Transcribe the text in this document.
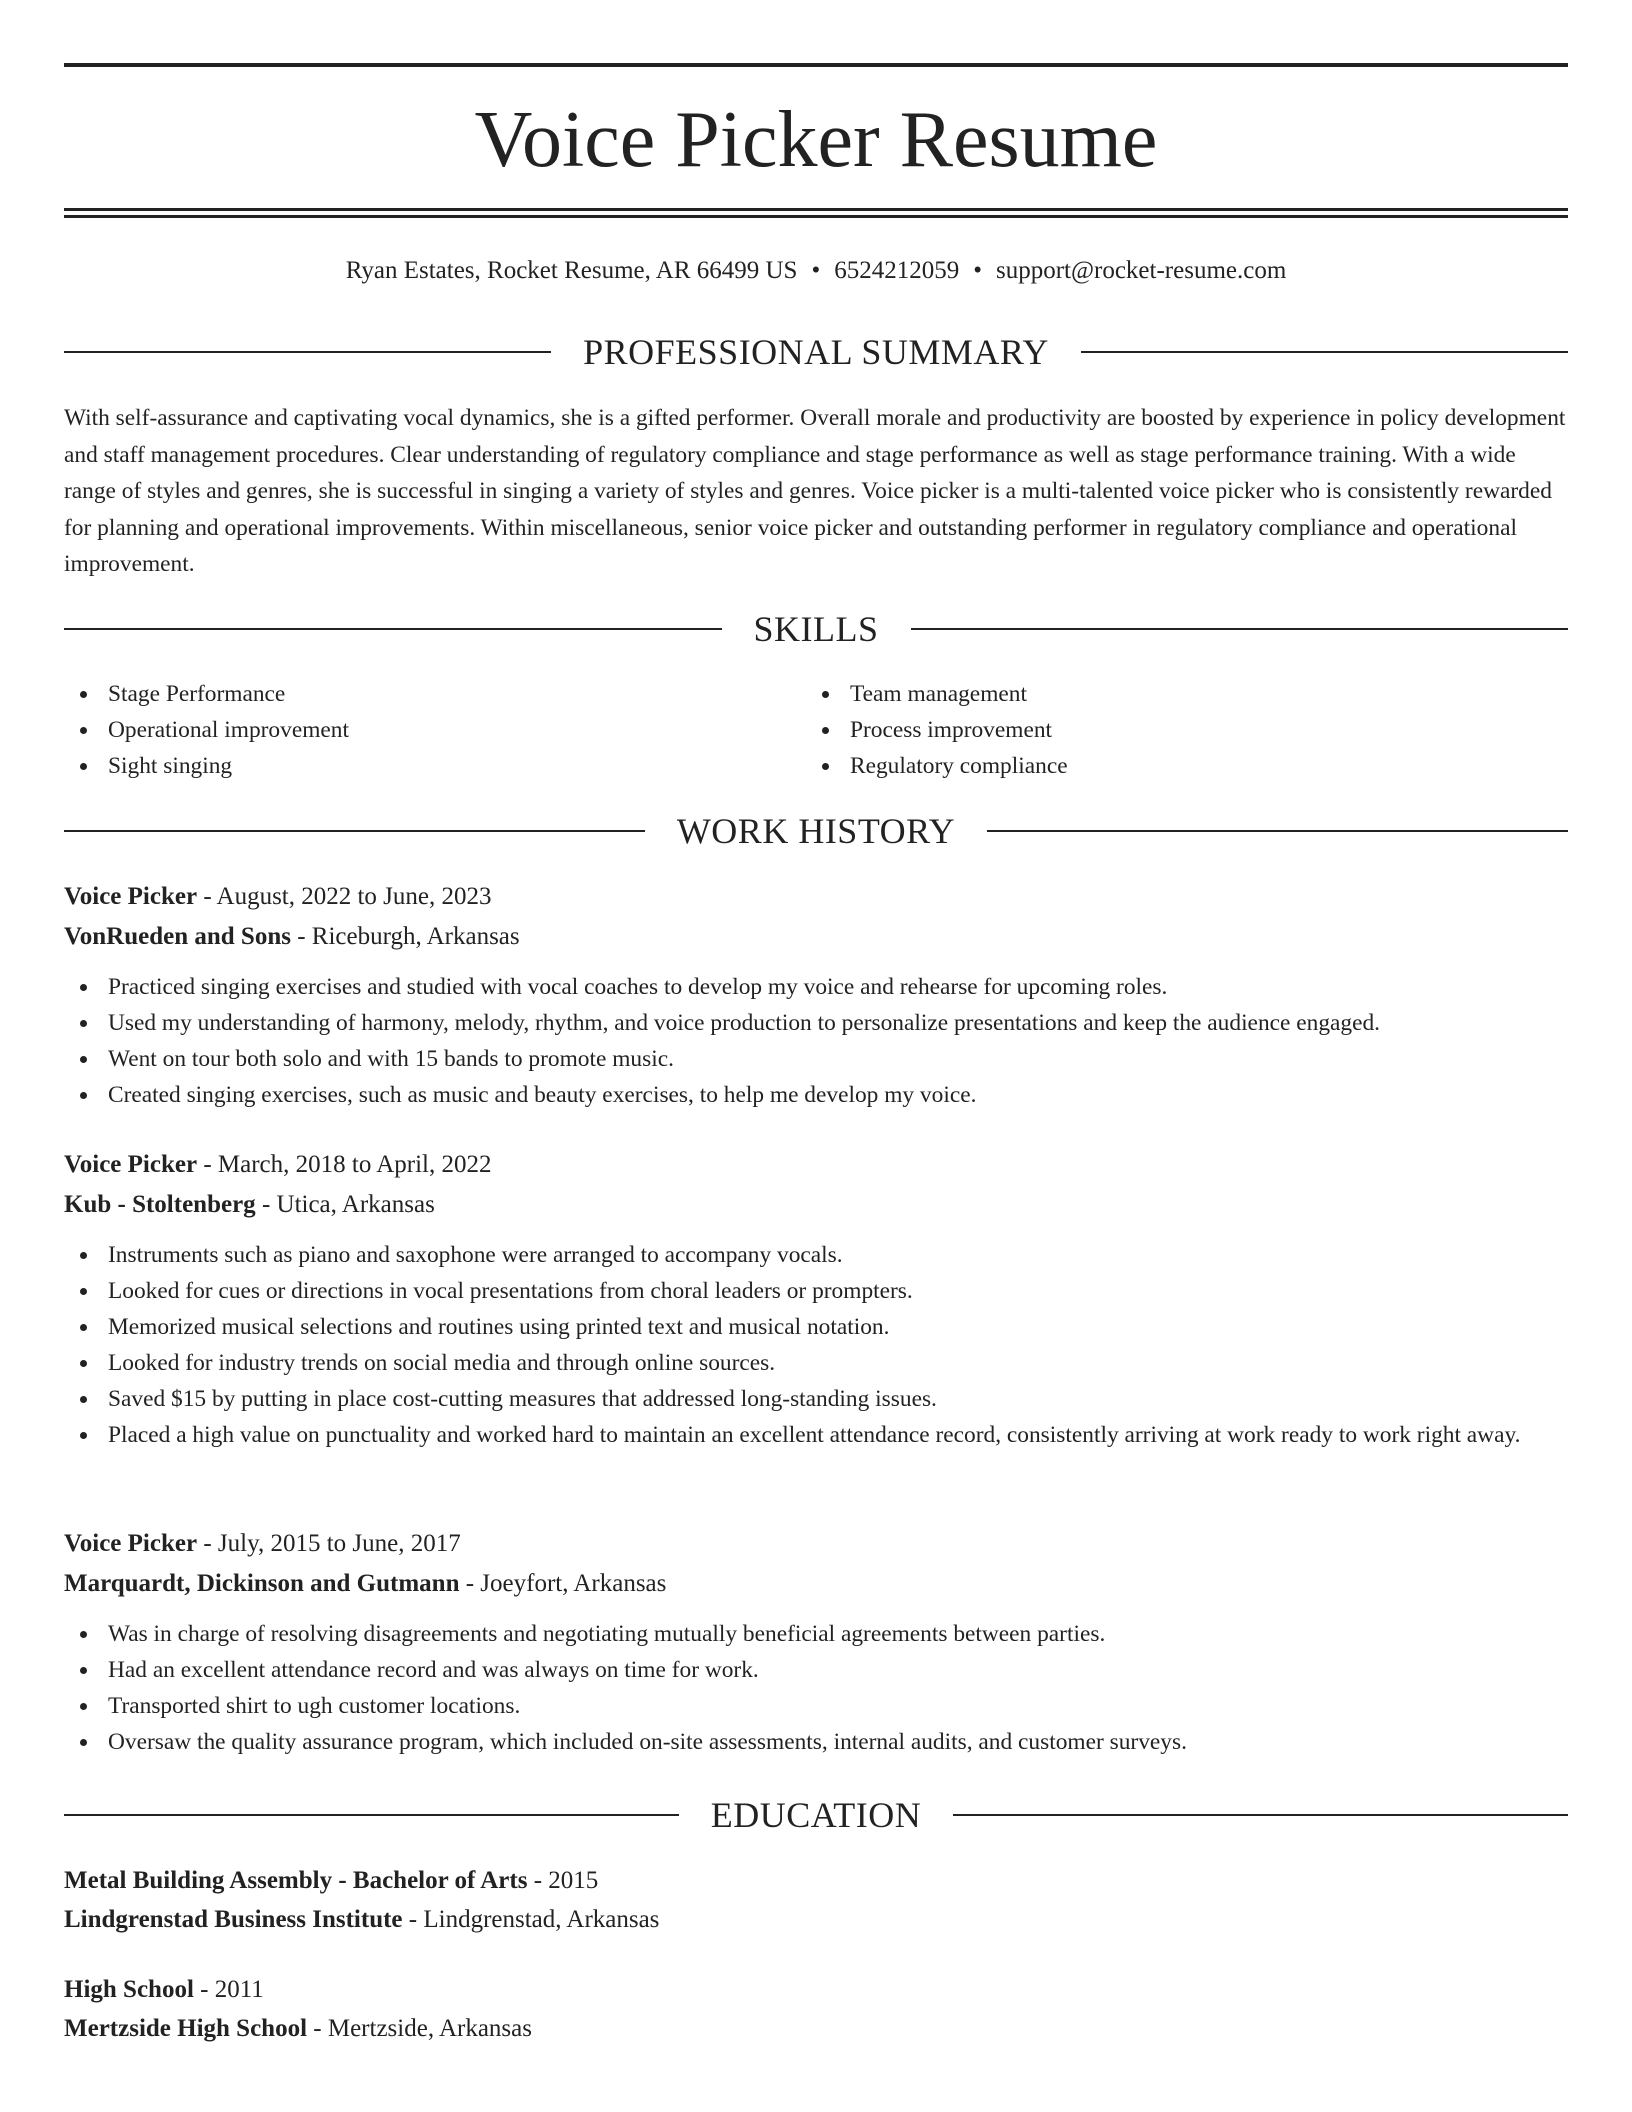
Voice Picker Resume
Ryan Estates, Rocket Resume, AR 66499 US • 6524212059 • support@rocket-resume.com
PROFESSIONAL SUMMARY

With self-assurance and captivating vocal dynamics, she is a gifted performer. Overall morale and productivity are boosted by experience in policy development and staff management procedures. Clear understanding of regulatory compliance and stage performance as well as stage performance training. With a wide range of styles and genres, she is successful in singing a variety of styles and genres. Voice picker is a multi-talented voice picker who is consistently rewarded for planning and operational improvements. Within miscellaneous, senior voice picker and outstanding performer in regulatory compliance and operational improvement.

SKILLS
Stage Performance
Operational improvement
Sight singing
Team management
Process improvement
Regulatory compliance
WORK HISTORY
Voice Picker - August, 2022 to June, 2023
VonRueden and Sons - Riceburgh, Arkansas
Practiced singing exercises and studied with vocal coaches to develop my voice and rehearse for upcoming roles.
Used my understanding of harmony, melody, rhythm, and voice production to personalize presentations and keep the audience engaged.
Went on tour both solo and with 15 bands to promote music.
Created singing exercises, such as music and beauty exercises, to help me develop my voice.
Voice Picker - March, 2018 to April, 2022
Kub - Stoltenberg - Utica, Arkansas
Instruments such as piano and saxophone were arranged to accompany vocals.
Looked for cues or directions in vocal presentations from choral leaders or prompters.
Memorized musical selections and routines using printed text and musical notation.
Looked for industry trends on social media and through online sources.
Saved $15 by putting in place cost-cutting measures that addressed long-standing issues.
Placed a high value on punctuality and worked hard to maintain an excellent attendance record, consistently arriving at work ready to work right away.
Voice Picker - July, 2015 to June, 2017
Marquardt, Dickinson and Gutmann - Joeyfort, Arkansas
Was in charge of resolving disagreements and negotiating mutually beneficial agreements between parties.
Had an excellent attendance record and was always on time for work.
Transported shirt to ugh customer locations.
Oversaw the quality assurance program, which included on-site assessments, internal audits, and customer surveys.
EDUCATION
Metal Building Assembly - Bachelor of Arts - 2015
Lindgrenstad Business Institute - Lindgrenstad, Arkansas
High School - 2011
Mertzside High School - Mertzside, Arkansas
